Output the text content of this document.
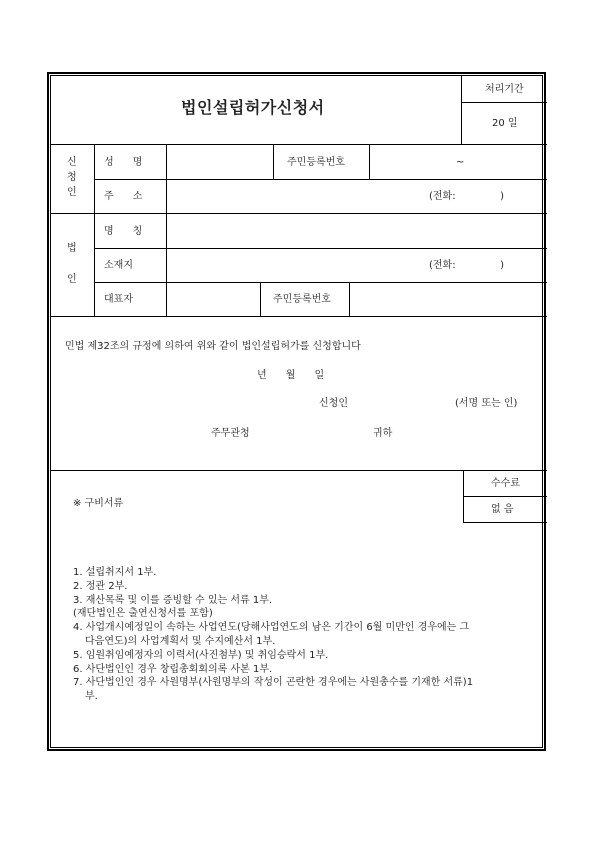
법인설립허가신청서
처리기간
20 일
신
청
인
성      명	주민등록번호	~
주      소	(전화:              )
법
인
명      칭
소재지	(전화:              )
대표자	주민등록번호
민법 제32조의 규정에 의하여 위와 같이 법인설립허가를 신청합니다
년      월      일
신청인	(서명 또는 인)
주무관청	귀하
※ 구비서류
수수료
없 음
1. 설립취지서 1부.
2. 정관 2부.
3. 재산목록 및 이를 증빙할 수 있는 서류 1부.
(재단법인은 출연신청서를 포함)
4. 사업개시예정일이 속하는 사업연도(당해사업연도의 남은 기간이 6월 미만인 경우에는 그
다음연도)의 사업계획서 및 수지예산서 1부.
5. 임원취임예정자의 이력서(사진첨부) 및 취임승락서 1부.
6. 사단법인인 경우 창립총회회의록 사본 1부.
7. 사단법인인 경우 사원명부(사원명부의 작성이 곤란한 경우에는 사원총수를 기재한 서류)1
부.
